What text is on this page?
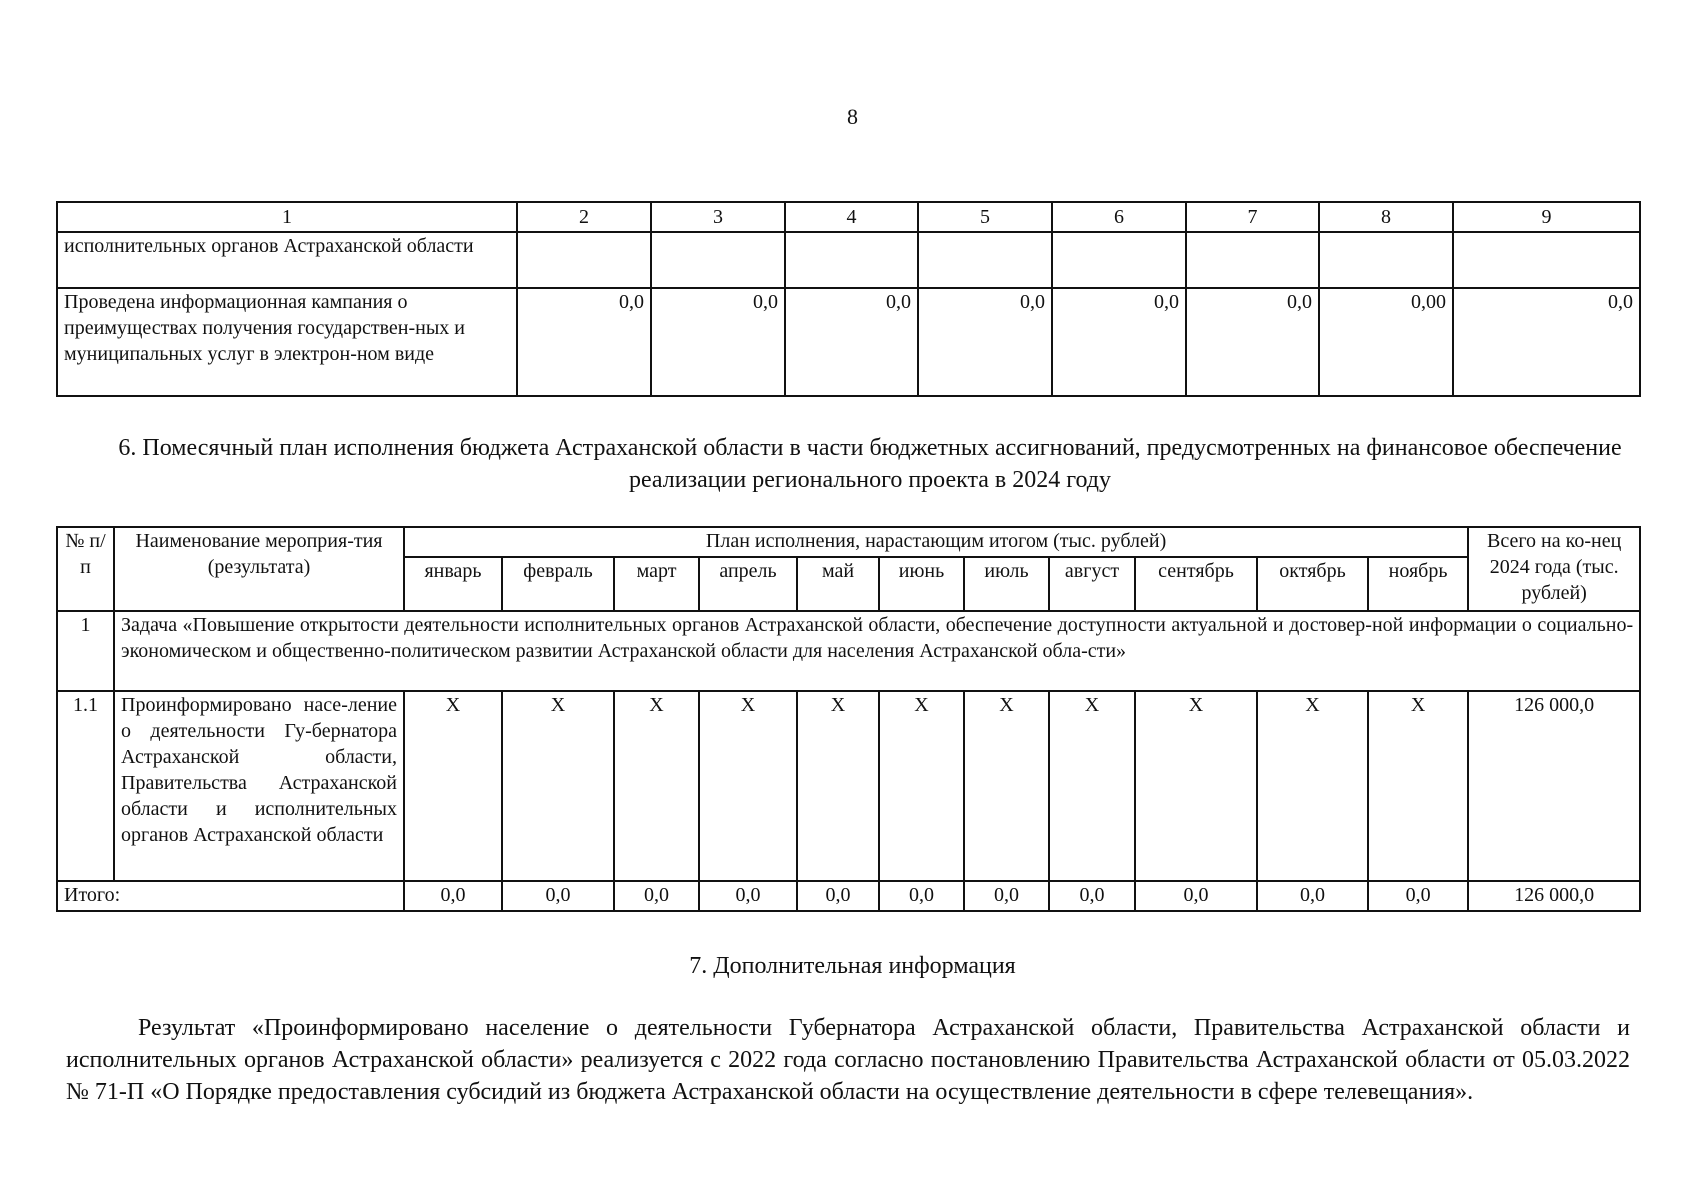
8
1	2	3	4	5	6	7	8	9
исполнительных органов Астраханской области								
Проведена информационная кампания о преимуществах получения государствен-ных и муниципальных услуг в электрон-ном виде	0,0	0,0	0,0	0,0	0,0	0,0	0,00	0,0
6. Помесячный план исполнения бюджета Астраханской области в части бюджетных ассигнований, предусмотренных на финансовое обеспечение реализации регионального проекта в 2024 году
№ п/п	Наименование мероприя-тия (результата)	План исполнения, нарастающим итогом (тыс. рублей)											Всего на ко-нец 2024 года (тыс. рублей)
		январь	февраль	март	апрель	май	июнь	июль	август	сентябрь	октябрь	ноябрь	
1	Задача «Повышение открытости деятельности исполнительных органов Астраханской области, обеспечение доступности актуальной и достовер-ной информации о социально-экономическом и общественно-политическом развитии Астраханской области для населения Астраханской обла-сти»												
1.1	Проинформировано насе-ление о деятельности Гу-бернатора Астраханской области, Правительства Астраханской области и исполнительных органов Астраханской области	X	X	X	X	X	X	X	X	X	X	X	126 000,0
Итого:		0,0	0,0	0,0	0,0	0,0	0,0	0,0	0,0	0,0	0,0	0,0	126 000,0
7. Дополнительная информация

Результат «Проинформировано население о деятельности Губернатора Астраханской области, Правительства Астраханской области и исполнительных органов Астраханской области» реализуется с 2022 года согласно постановлению Правительства Астраханской области от 05.03.2022 № 71-П «О Порядке предоставления субсидий из бюджета Астраханской области на осуществление деятельности в сфере телевещания».
